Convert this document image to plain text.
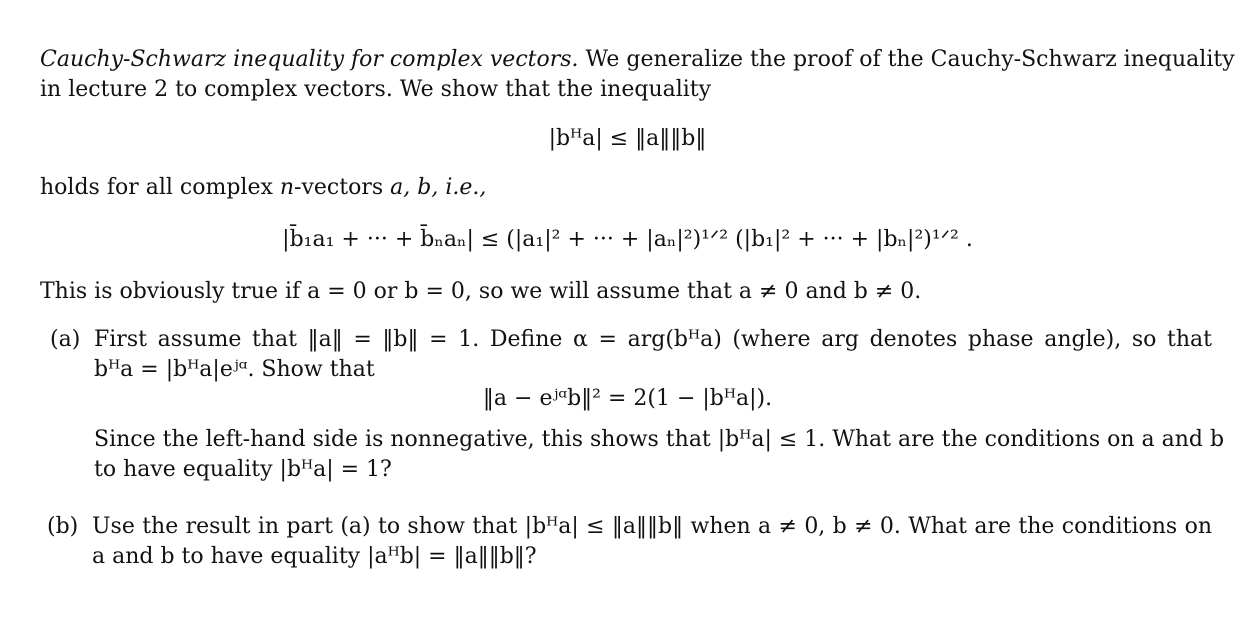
Cauchy-Schwarz inequality for complex vectors. We generalize the proof of the Cauchy-Schwarz inequality
in lecture 2 to complex vectors. We show that the inequality
|bᴴa| ≤ ‖a‖‖b‖
holds for all complex n-vectors a, b, i.e.,
|b̄₁a₁ + ··· + b̄ₙaₙ| ≤ (|a₁|² + ··· + |aₙ|²)¹ᐟ² (|b₁|² + ··· + |bₙ|²)¹ᐟ² .
This is obviously true if a = 0 or b = 0, so we will assume that a ≠ 0 and b ≠ 0.
(a) First assume that ‖a‖ = ‖b‖ = 1. Define α = arg(bᴴa) (where arg denotes phase angle), so that
bᴴa = |bᴴa|eʲᵅ. Show that
‖a − eʲᵅb‖² = 2(1 − |bᴴa|).
Since the left-hand side is nonnegative, this shows that |bᴴa| ≤ 1. What are the conditions on a and b
to have equality |bᴴa| = 1?
(b) Use the result in part (a) to show that |bᴴa| ≤ ‖a‖‖b‖ when a ≠ 0, b ≠ 0. What are the conditions on
a and b to have equality |aᴴb| = ‖a‖‖b‖?
